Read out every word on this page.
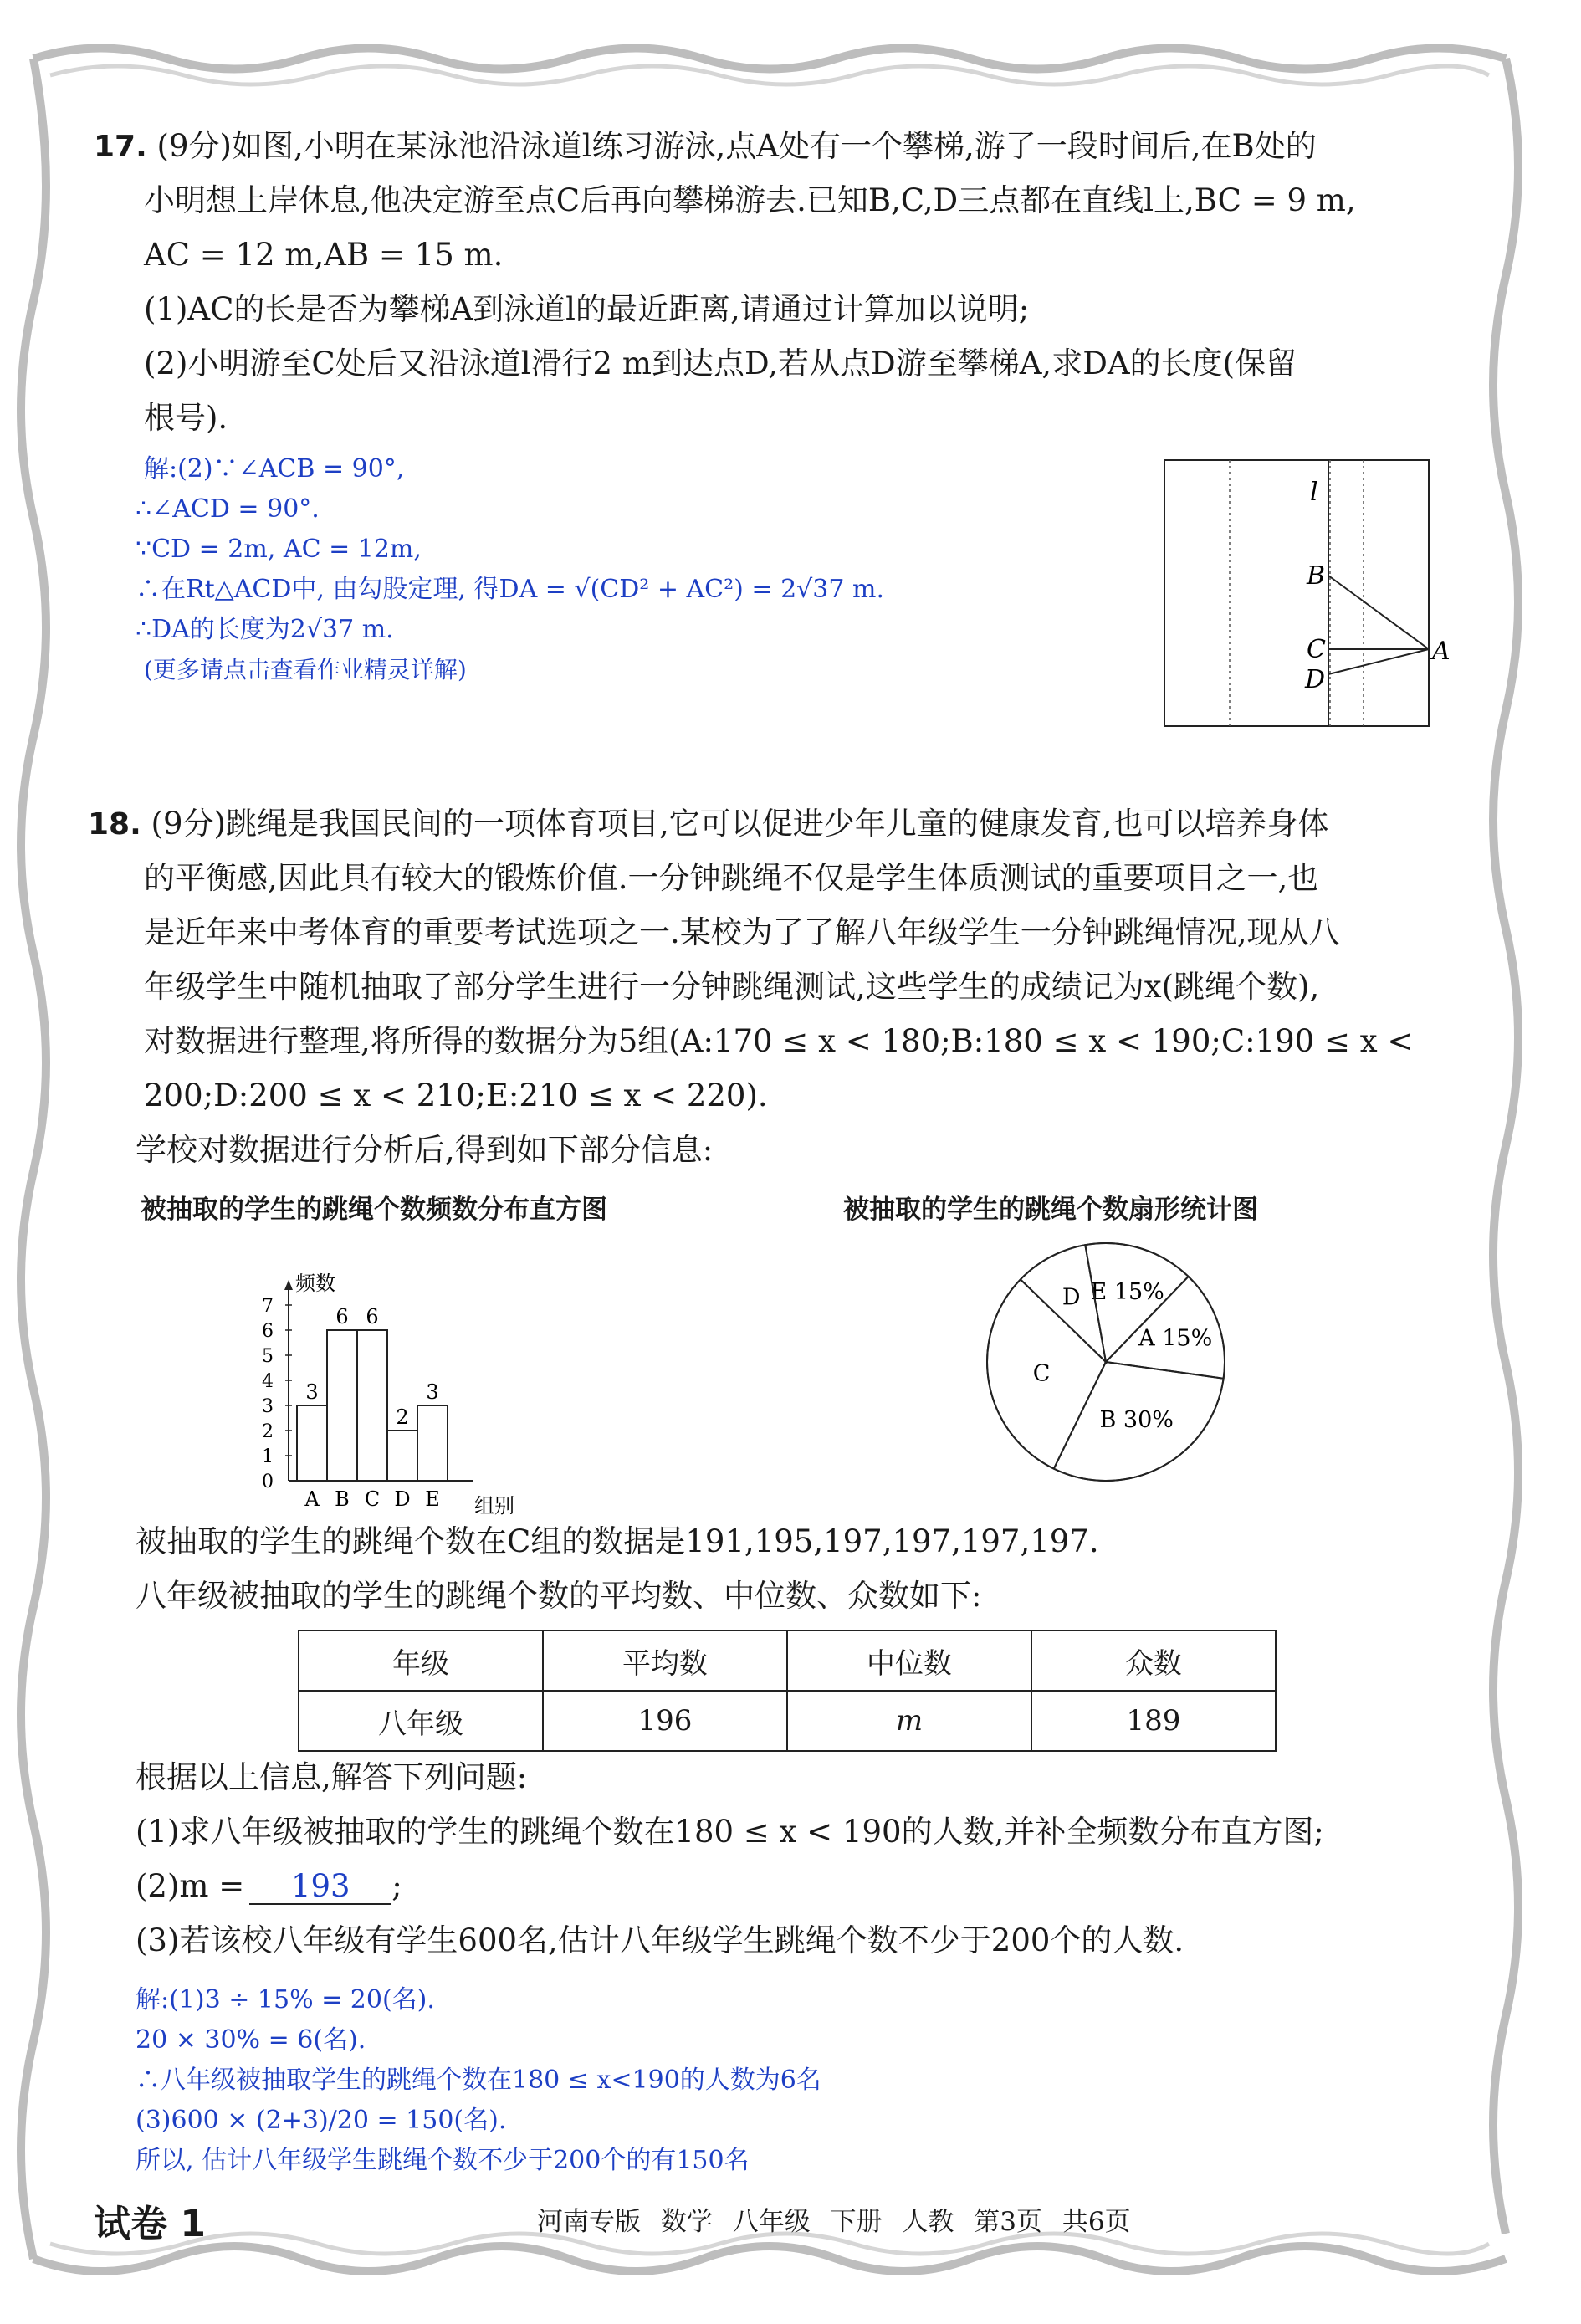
17. (9分)如图,小明在某泳池沿泳道l练习游泳,点A处有一个攀梯,游了一段时间后,在B处的
小明想上岸休息,他决定游至点C后再向攀梯游去.已知B,C,D三点都在直线l上,BC = 9 m,
AC = 12 m,AB = 15 m.
(1)AC的长是否为攀梯A到泳道l的最近距离,请通过计算加以说明;
(2)小明游至C处后又沿泳道l滑行2 m到达点D,若从点D游至攀梯A,求DA的长度(保留
根号).
解:(2)∵∠ACB = 90°,
∴∠ACD = 90°.
∵CD = 2m, AC = 12m,
∴在Rt△ACD中, 由勾股定理, 得DA = √(CD² + AC²) = 2√37 m.
∴DA的长度为2√37 m.
(更多请点击查看作业精灵详解)
l
B
C
D
A
18. (9分)跳绳是我国民间的一项体育项目,它可以促进少年儿童的健康发育,也可以培养身体
的平衡感,因此具有较大的锻炼价值.一分钟跳绳不仅是学生体质测试的重要项目之一,也
是近年来中考体育的重要考试选项之一.某校为了了解八年级学生一分钟跳绳情况,现从八
年级学生中随机抽取了部分学生进行一分钟跳绳测试,这些学生的成绩记为x(跳绳个数),
对数据进行整理,将所得的数据分为5组(A:170 ≤ x < 180;B:180 ≤ x < 190;C:190 ≤ x <
200;D:200 ≤ x < 210;E:210 ≤ x < 220).
学校对数据进行分析后,得到如下部分信息:
被抽取的学生的跳绳个数频数分布直方图	被抽取的学生的跳绳个数扇形统计图
频数
组别
0
1
2
3
4
5
6
7
3
A
6
B
6
C
2
D
3
E
E 15%
A 15%
B 30%
C
D
被抽取的学生的跳绳个数在C组的数据是191,195,197,197,197,197.
八年级被抽取的学生的跳绳个数的平均数、中位数、众数如下:
年级	平均数	中位数	众数
八年级	196	m	189
根据以上信息,解答下列问题:
(1)求八年级被抽取的学生的跳绳个数在180 ≤ x < 190的人数,并补全频数分布直方图;
(2)m = 193 ;
(3)若该校八年级有学生600名,估计八年级学生跳绳个数不少于200个的人数.
解:(1)3 ÷ 15% = 20(名).
20 × 30% = 6(名).
∴八年级被抽取学生的跳绳个数在180 ≤ x<190的人数为6名
(3)600 × (2+3)/20 = 150(名).
所以, 估计八年级学生跳绳个数不少于200个的有150名
试卷 1	河南专版 数学 八年级 下册 人教 第3页 共6页
